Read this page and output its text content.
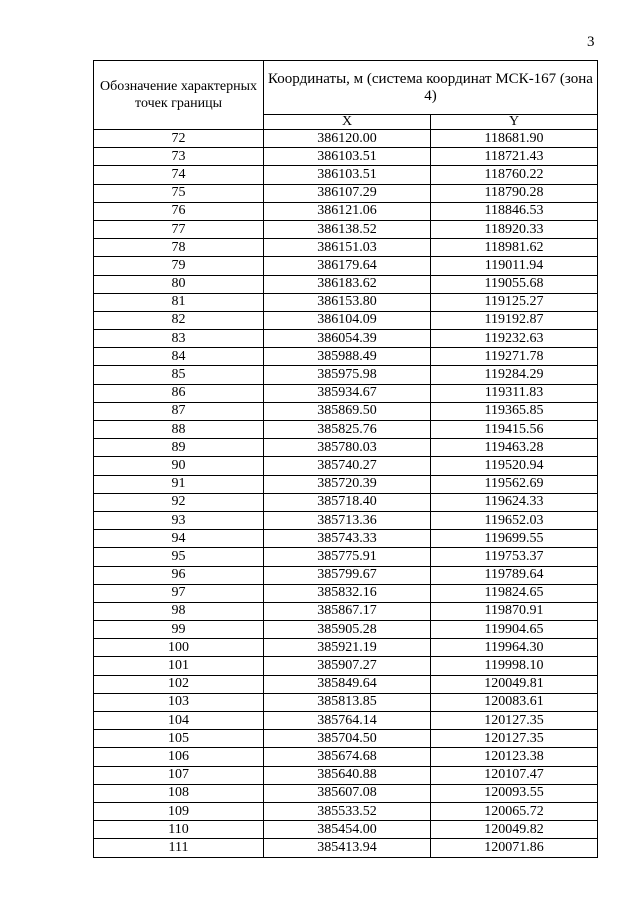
3
Обозначение характерных точек границы	Координаты, м (система координат МСК-167 (зона 4)	
	X	Y
72	386120.00	118681.90
73	386103.51	118721.43
74	386103.51	118760.22
75	386107.29	118790.28
76	386121.06	118846.53
77	386138.52	118920.33
78	386151.03	118981.62
79	386179.64	119011.94
80	386183.62	119055.68
81	386153.80	119125.27
82	386104.09	119192.87
83	386054.39	119232.63
84	385988.49	119271.78
85	385975.98	119284.29
86	385934.67	119311.83
87	385869.50	119365.85
88	385825.76	119415.56
89	385780.03	119463.28
90	385740.27	119520.94
91	385720.39	119562.69
92	385718.40	119624.33
93	385713.36	119652.03
94	385743.33	119699.55
95	385775.91	119753.37
96	385799.67	119789.64
97	385832.16	119824.65
98	385867.17	119870.91
99	385905.28	119904.65
100	385921.19	119964.30
101	385907.27	119998.10
102	385849.64	120049.81
103	385813.85	120083.61
104	385764.14	120127.35
105	385704.50	120127.35
106	385674.68	120123.38
107	385640.88	120107.47
108	385607.08	120093.55
109	385533.52	120065.72
110	385454.00	120049.82
111	385413.94	120071.86
